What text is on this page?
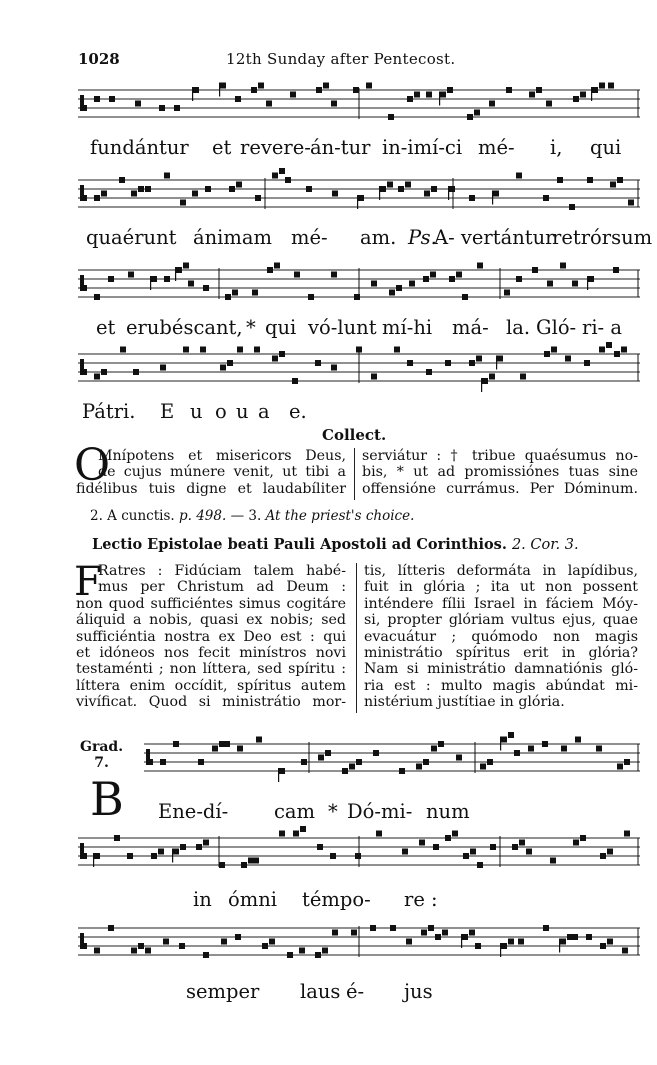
1028	12th Sunday after Pentecost.
fundántur et revere- án-tur in-imí-ci mé- i, qui
quaérunt ánimam mé- am. Ps.
A- vertántur
retrórsum
et erubéscant, * qui vó-lunt mí-hi má- la. Gló- ri- a
Pátri. E u o u a e.
Collect.
O
Mnípotens et misericors Deus,
de cujus múnere venit, ut tibi a
fidélibus tuis digne et laudabíliter
serviátur : † tribue quaésumus no-
bis, * ut ad promissiónes tuas sine
offensióne currámus. Per Dóminum.
2. A cunctis. p. 498. — 3. At the priest's choice.
Lectio Epistolae beati Pauli Apostoli ad Corinthios. 2. Cor. 3.
F
Ratres : Fidúciam talem habé-
mus per Christum ad Deum :
non quod sufficiéntes simus cogitáre
áliquid a nobis, quasi ex nobis; sed
sufficiéntia nostra ex Deo est : qui
et idóneos nos fecit minístros novi
testaménti ; non líttera, sed spíritu :
líttera enim occídit, spíritus autem
vivíficat. Quod si ministrátio mor-
tis, lítteris deformáta in lapídibus,
fuit in glória ; ita ut non possent
inténdere fílii Israel in fáciem Móy-
si, propter glóriam vultus ejus, quae
evacuátur ; quómodo non magis
ministrátio spíritus erit in glória?
Nam si ministrátio damnatiónis gló-
ria est : multo magis abúndat mi-
nistérium justítiae in glória.
Grad.
7.
B Ene-dí- cam * Dó-mi- num
in ómni témpo- re :
semper laus é- jus
